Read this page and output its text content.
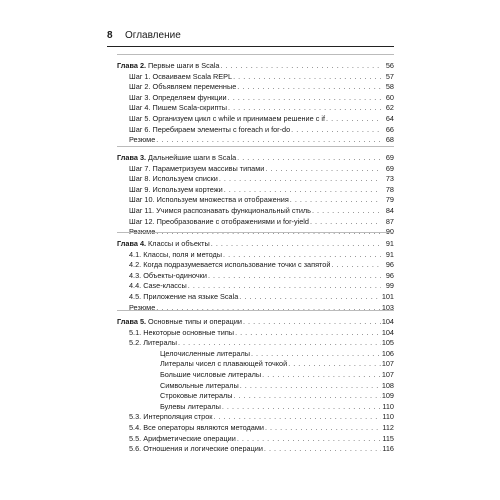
8 Оглавление
Глава 2. Первые шаги в Scala . . .	56
Шаг 1. Осваиваем Scala REPL . . .	57
Шаг 2. Объявляем переменные . . .	58
Шаг 3. Определяем функции . . .	60
Шаг 4. Пишем Scala-скрипты . . .	62
Шаг 5. Организуем цикл с while и принимаем решение с if . . .	64
Шаг 6. Перебираем элементы с foreach и for-do . . .	66
Резюме . . .	68
Глава 3. Дальнейшие шаги в Scala . . .	69
Шаг 7. Параметризуем массивы типами . . .	69
Шаг 8. Используем списки . . .	73
Шаг 9. Используем кортежи . . .	78
Шаг 10. Используем множества и отображения . . .	79
Шаг 11. Учимся распознавать функциональный стиль . . .	84
Шаг 12. Преобразование с отображениями и for-yield . . .	87
Резюме . . .	90
Глава 4. Классы и объекты . . .	91
4.1. Классы, поля и методы . . .	91
4.2. Когда подразумевается использование точки с запятой . . .	96
4.3. Объекты-одиночки . . .	96
4.4. Case-классы . . .	99
4.5. Приложение на языке Scala . . .	101
Резюме . . .	103
Глава 5. Основные типы и операции . . .	104
5.1. Некоторые основные типы . . .	104
5.2. Литералы . . .	105
Целочисленные литералы . . .	106
Литералы чисел с плавающей точкой . . .	107
Большие числовые литералы . . .	107
Символьные литералы . . .	108
Строковые литералы . . .	109
Булевы литералы . . .	110
5.3. Интерполяция строк . . .	110
5.4. Все операторы являются методами . . .	112
5.5. Арифметические операции . . .	115
5.6. Отношения и логические операции . . .	116
